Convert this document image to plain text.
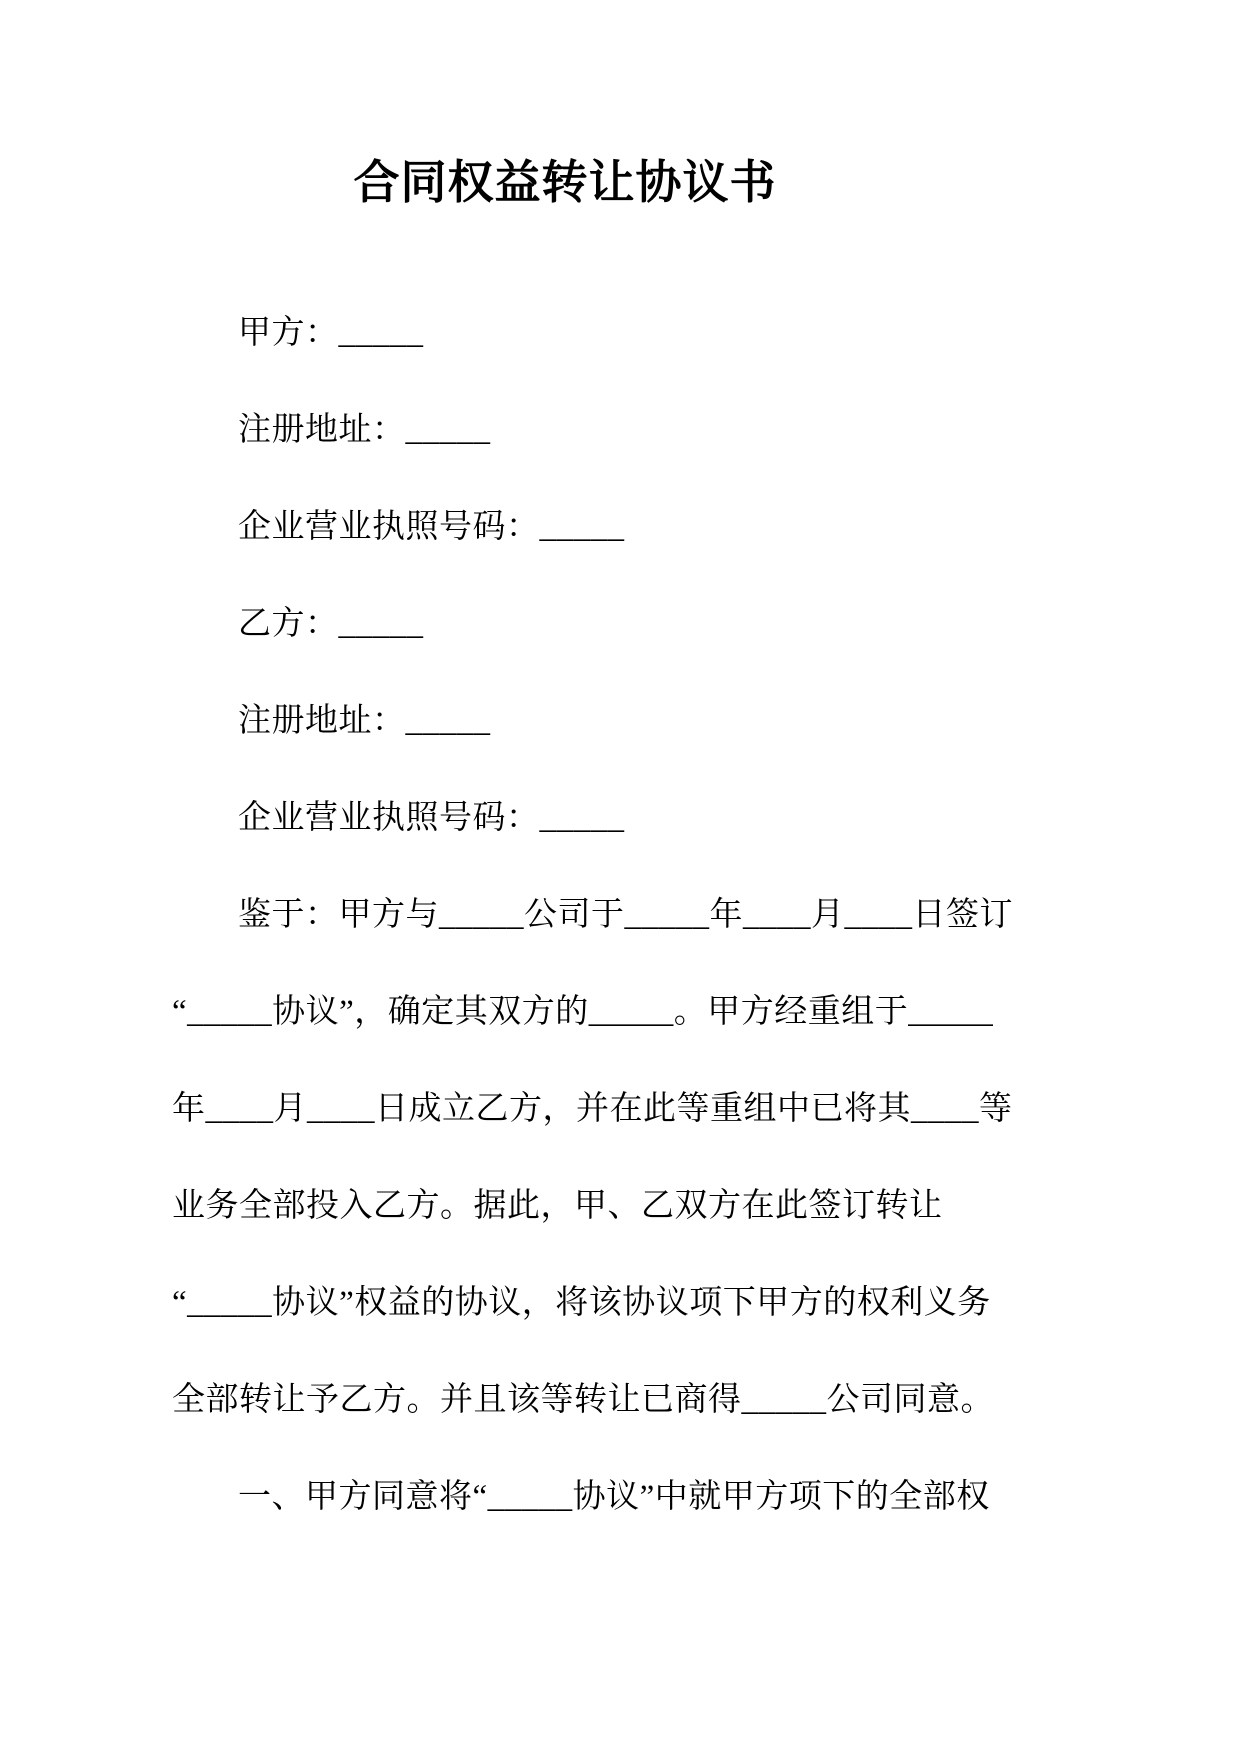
合同权益转让协议书
甲方：_____
注册地址：_____
企业营业执照号码：_____
乙方：_____
注册地址：_____
企业营业执照号码：_____
鉴于：甲方与_____公司于_____年____月____日签订
“_____协议”，确定其双方的_____。甲方经重组于_____
年____月____日成立乙方，并在此等重组中已将其____等
业务全部投入乙方。据此，甲、乙双方在此签订转让
“_____协议”权益的协议，将该协议项下甲方的权利义务
全部转让予乙方。并且该等转让已商得_____公司同意。
一、甲方同意将“_____协议”中就甲方项下的全部权
